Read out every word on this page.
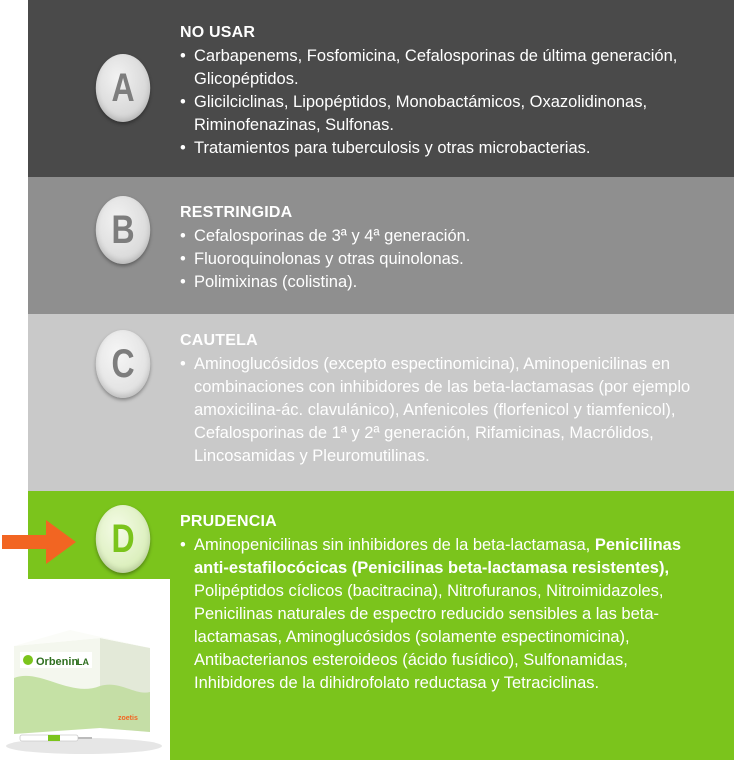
A
B
C
D
NO USAR
• Carbapenems, Fosfomicina, Cefalosporinas de última generación, Glicopéptidos.
• Glicilciclinas, Lipopéptidos, Monobactámicos, Oxazolidinonas, Riminofenazinas, Sulfonas.
• Tratamientos para tuberculosis y otras microbacterias.
RESTRINGIDA
• Cefalosporinas de 3ª y 4ª generación.
• Fluoroquinolonas y otras quinolonas.
• Polimixinas (colistina).
CAUTELA
• Aminoglucósidos (excepto espectinomicina), Aminopenicilinas en combinaciones con inhibidores de las beta-lactamasas (por ejemplo amoxicilina-ác. clavulánico), Anfenicoles (florfenicol y tiamfenicol), Cefalosporinas de 1ª y 2ª generación, Rifamicinas, Macrólidos, Lincosamidas y Pleuromutilinas.
PRUDENCIA
• Aminopenicilinas sin inhibidores de la beta-lactamasa, Penicilinas anti-estafilocócicas (Penicilinas beta-lactamasa resistentes), Polipéptidos cíclicos (bacitracina), Nitrofuranos, Nitroimidazoles, Penicilinas naturales de espectro reducido sensibles a las beta-lactamasas, Aminoglucósidos (solamente espectinomicina), Antibacterianos esteroideos (ácido fusídico), Sulfonamidas, Inhibidores de la dihidrofolato reductasa y Tetraciclinas.
Orbenin
LA
zoetis
